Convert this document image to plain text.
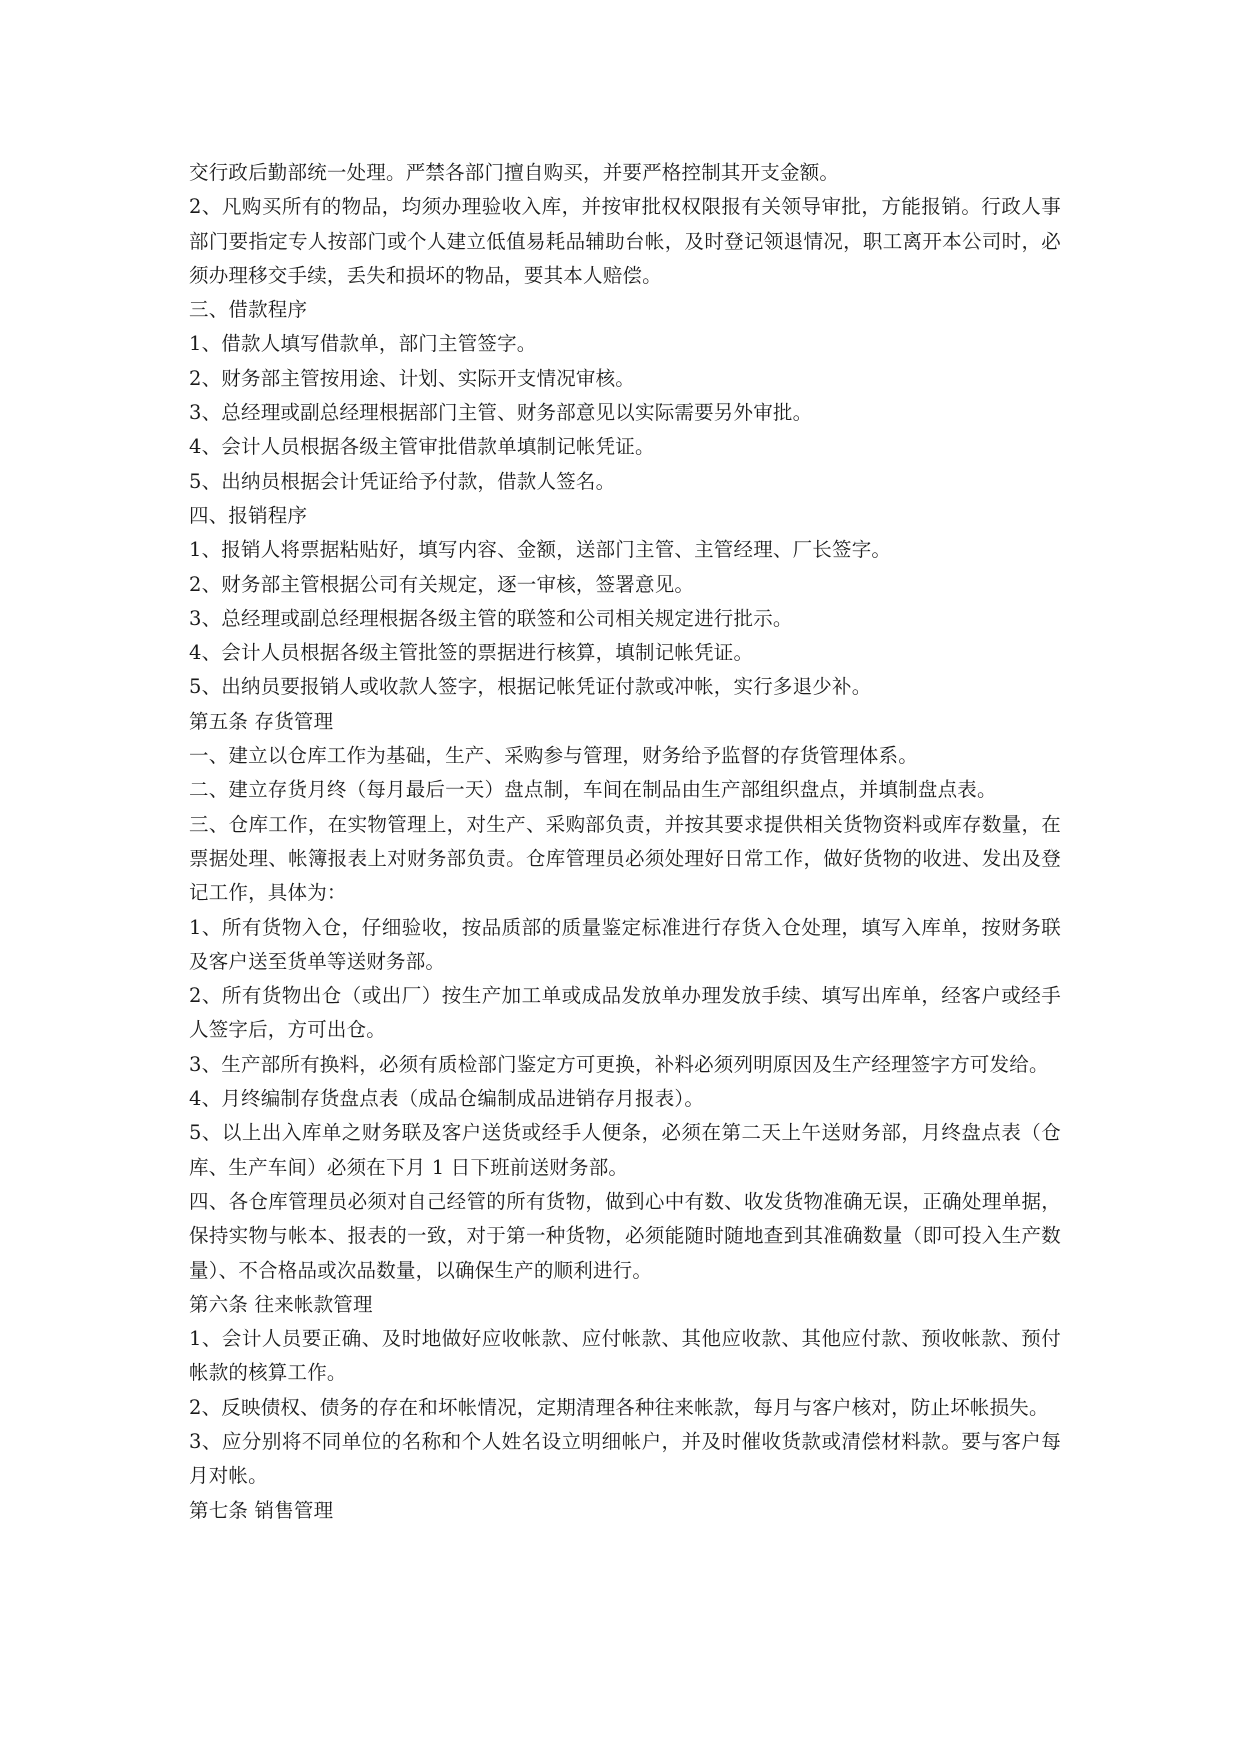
交行政后勤部统一处理。严禁各部门擅自购买，并要严格控制其开支金额。

2、凡购买所有的物品，均须办理验收入库，并按审批权权限报有关领导审批，方能报销。行政人事部门要指定专人按部门或个人建立低值易耗品辅助台帐，及时登记领退情况，职工离开本公司时，必须办理移交手续，丢失和损坏的物品，要其本人赔偿。

三、借款程序

1、借款人填写借款单，部门主管签字。

2、财务部主管按用途、计划、实际开支情况审核。

3、总经理或副总经理根据部门主管、财务部意见以实际需要另外审批。

4、会计人员根据各级主管审批借款单填制记帐凭证。

5、出纳员根据会计凭证给予付款，借款人签名。

四、报销程序

1、报销人将票据粘贴好，填写内容、金额，送部门主管、主管经理、厂长签字。

2、财务部主管根据公司有关规定，逐一审核，签署意见。

3、总经理或副总经理根据各级主管的联签和公司相关规定进行批示。

4、会计人员根据各级主管批签的票据进行核算，填制记帐凭证。

5、出纳员要报销人或收款人签字，根据记帐凭证付款或冲帐，实行多退少补。

第五条 存货管理

一、建立以仓库工作为基础，生产、采购参与管理，财务给予监督的存货管理体系。

二、建立存货月终（每月最后一天）盘点制，车间在制品由生产部组织盘点，并填制盘点表。

三、仓库工作，在实物管理上，对生产、采购部负责，并按其要求提供相关货物资料或库存数量，在票据处理、帐簿报表上对财务部负责。仓库管理员必须处理好日常工作，做好货物的收进、发出及登记工作，具体为：

1、所有货物入仓，仔细验收，按品质部的质量鉴定标准进行存货入仓处理，填写入库单，按财务联及客户送至货单等送财务部。

2、所有货物出仓（或出厂）按生产加工单或成品发放单办理发放手续、填写出库单，经客户或经手人签字后，方可出仓。

3、生产部所有换料，必须有质检部门鉴定方可更换，补料必须列明原因及生产经理签字方可发给。

4、月终编制存货盘点表（成品仓编制成品进销存月报表）。

5、以上出入库单之财务联及客户送货或经手人便条，必须在第二天上午送财务部，月终盘点表（仓库、生产车间）必须在下月 1 日下班前送财务部。

四、各仓库管理员必须对自己经管的所有货物，做到心中有数、收发货物准确无误，正确处理单据，保持实物与帐本、报表的一致，对于第一种货物，必须能随时随地查到其准确数量（即可投入生产数量）、不合格品或次品数量，以确保生产的顺利进行。

第六条 往来帐款管理

1、会计人员要正确、及时地做好应收帐款、应付帐款、其他应收款、其他应付款、预收帐款、预付帐款的核算工作。

2、反映债权、债务的存在和坏帐情况，定期清理各种往来帐款，每月与客户核对，防止坏帐损失。

3、应分别将不同单位的名称和个人姓名设立明细帐户，并及时催收货款或清偿材料款。要与客户每月对帐。

第七条 销售管理
